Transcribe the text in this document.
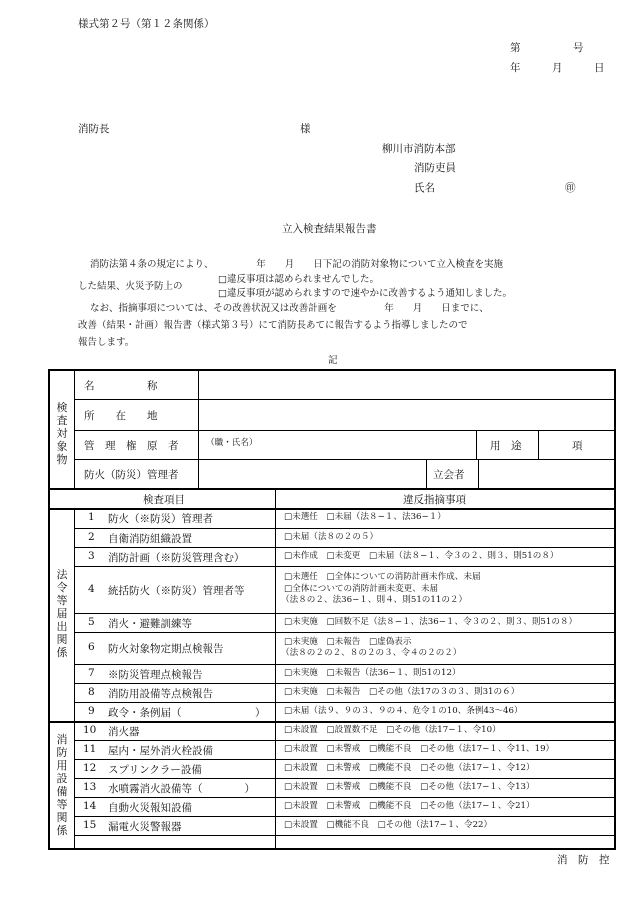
様式第２号（第１２条関係）
第　　　　　号
年　　　月　　　日
消防長	様
柳川市消防本部
消防吏員
氏名	㊞
立入検査結果報告書
消防法第４条の規定により、　　　　　年　　月　　日下記の消防対象物について立入検査を実施
した結果、火災予防上の
□違反事項は認められませんでした。
□違反事項が認められますので速やかに改善するよう通知しました。
なお、指摘事項については、その改善状況又は改善計画を　　　　　年　　月　　日までに、
改善（結果・計画）報告書（様式第３号）にて消防長あてに報告するよう指導しましたので
報告します。
記
検査対象物
法令等届出関係
消防用設備等関係
名　　　　　称
所　　在　　地
管　理　権　原　者	（職・氏名）	用　途	項
防火（防災）管理者	立会者
検査項目	違反指摘事項
1 防火（※防災）管理者	□未選任　□未届（法８−１、法36−１）
2 自衛消防組織設置	□未届（法８の２の５）
3 消防計画（※防災管理含む）	□未作成　□未変更　□未届（法８−１、令３の２、則３、則51の８）
4 統括防火（※防災）管理者等
□未選任　□全体についての消防計画未作成、未届
□全体についての消防計画未変更、未届
（法８の２、法36−１、則４、則51の11の２）
5 消火・避難訓練等	□未実施　□回数不足（法８−１、法36−１、令３の２、則３、則51の８）
6 防火対象物定期点検報告
□未実施　□未報告　□虚偽表示
（法８の２の２、８の２の３、令４の２の２）
7 ※防災管理点検報告	□未実施　□未報告（法36−１、則51の12）
8 消防用設備等点検報告	□未実施　□未報告　□その他（法17の３の３、則31の６）
9 政令・条例届（　　　　　　　） □未届（法９、９の３、９の４、危令１の10、条例43〜46）
10 消火器	□未設置　□設置数不足　□その他（法17−１、令10）
11 屋内・屋外消火栓設備	□未設置　□未警戒　□機能不良　□その他（法17−１、令11、19）
12 スプリンクラー設備	□未設置　□未警戒　□機能不良　□その他（法17−１、令12）
13 水噴霧消火設備等（　　　　）	□未設置　□未警戒　□機能不良　□その他（法17−１、令13）
14 自動火災報知設備	□未設置　□未警戒　□機能不良　□その他（法17−１、令21）
15 漏電火災警報器	□未設置　□機能不良　□その他（法17−１、令22）
消　防　控
